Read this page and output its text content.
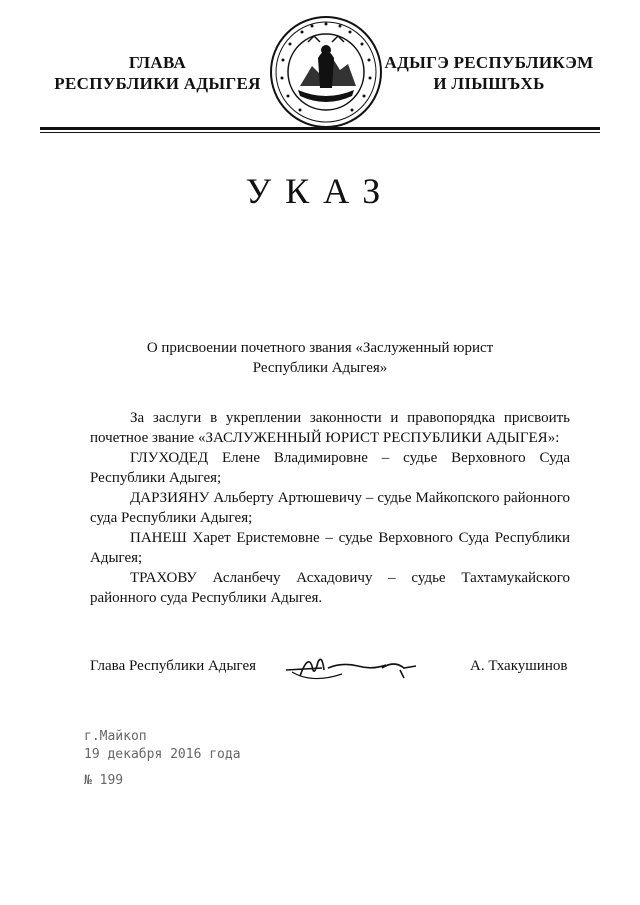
ГЛАВА
РЕСПУБЛИКИ АДЫГЕЯ
АДЫГЭ РЕСПУБЛИКЭМ
И ЛІЫШЪХЬ
УКАЗ
О присвоении почетного звания «Заслуженный юрист
Республики Адыгея»

За заслуги в укреплении законности и правопорядка присвоить почетное звание «ЗАСЛУЖЕННЫЙ ЮРИСТ РЕСПУБЛИКИ АДЫГЕЯ»:

ГЛУХОДЕД Елене Владимировне – судье Верховного Суда Республики Адыгея;

ДАРЗИЯНУ Альберту Артюшевичу – судье Майкопского районного суда Республики Адыгея;

ПАНЕШ Харет Еристемовне – судье Верховного Суда Республики Адыгея;

ТРАХОВУ Асланбечу Асхадовичу – судье Тахтамукайского районного суда Республики Адыгея.

Глава Республики Адыгея	А. Тхакушинов
г.Майкоп
19 декабря 2016 года
№ 199
